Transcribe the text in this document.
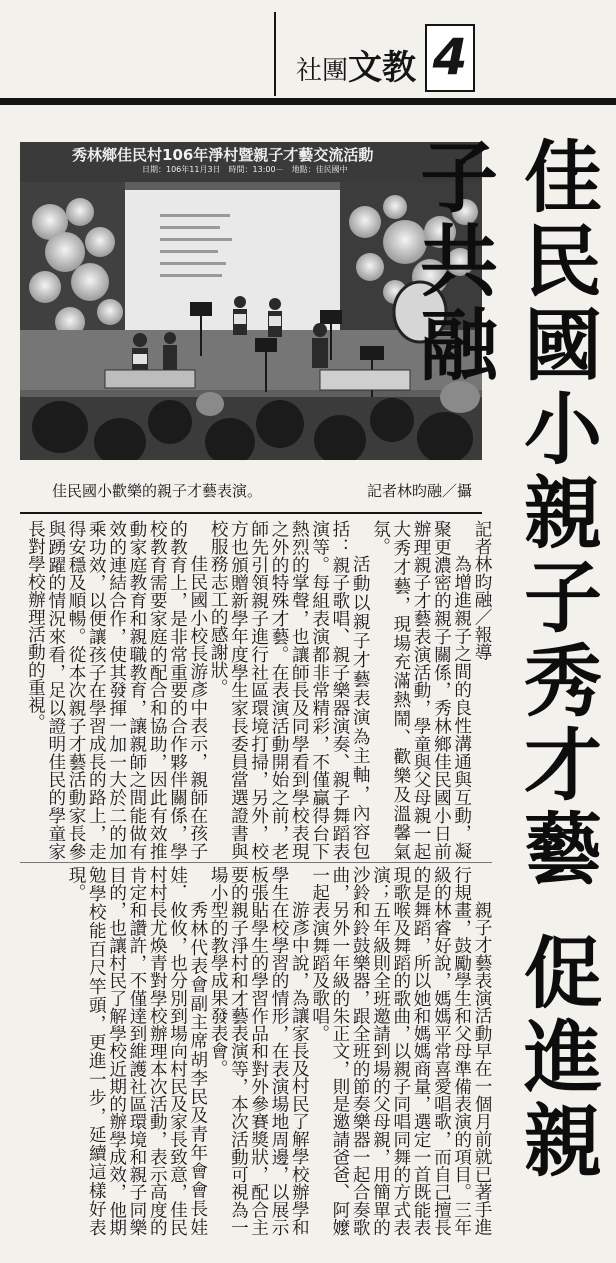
社團文教 4
秀林鄉佳民村106年淨村暨親子才藝交流活動
日期：106年11月3日　時間：13:00－　地點：佳民國中
佳民國小歡樂的親子才藝表演。	記者林昀融／攝 佳民國小親子秀才藝促進親子共融

記者林昀融／報導

為增進親子之間的良性溝通與互動，凝聚更濃密的親子關係，秀林鄉佳民國小日前辦理親子才藝表演活動，學童與父母親一起大秀才藝，現場充滿熱鬧、歡樂及溫馨氣氛。

活動以親子才藝表演為主軸，內容包括：親子歌唱、親子樂器演奏、親子舞蹈表演等。每組表演都非常精彩，不僅贏得台下熱烈的掌聲，也讓師長及同學看到學校表現之外的特殊才藝。在表演活動開始之前，老師先引領親子進行社區環境打掃，另外，校方也頒贈新學年度學生家長委員當選證書與校服務志工的感謝狀。

佳民國小校長游彥中表示，親師在孩子的教育上，是非常重要的合作夥伴關係，學校教育需要家庭的配合和協助，因此有效推動家庭教育和親職教育，讓親師之間能做有效的連結合作，使其發揮一加一大於二的加乘功效，以便讓孩子在學習成長的路上，走得安穩及順暢。從本次親子才藝活動家長參與踴躍的情況來看，足以證明佳民的學童家長對學校辦理活動的重視。

親子才藝表演活動早在一個月前就已著手進行規畫，鼓勵學生和父母準備表演的項目。三年級的林睿好說，媽媽平常喜愛唱歌，而自己擅長的是舞蹈，所以她和媽媽商量，選定一首既能表現歌喉及舞蹈的歌曲，以親子同唱同舞的方式表演；五年級則全班邀請到場的父母親，用簡單的沙鈴和鈴鼓樂器，跟全班的節奏樂器一起合奏歌曲，另外一年級的朱正文，則是邀請爸爸、阿嬤一起表演舞蹈及歌唱。

游彥中說，為讓家長及村民了解學校辦學和學生在校學習的情形，在表演場地周邊，以展示板張貼學生的學習作品和對外參賽獎狀，配合主要的親子淨村和才藝表演等，本次活動可視為一場小型的教學成果發表會。

秀林代表會副主席胡李民及青年會會長娃娃．攸攸，也分別到場向村民及家長致意，佳民村村長尤煥青對學校辦理本次活動，表示高度的肯定和讚許，不僅達到維護社區環境和親子同樂目的，也讓村民了解學校近期的辦學成效，他期勉學校能百尺竿頭，更進一步，延續這樣好表現。
